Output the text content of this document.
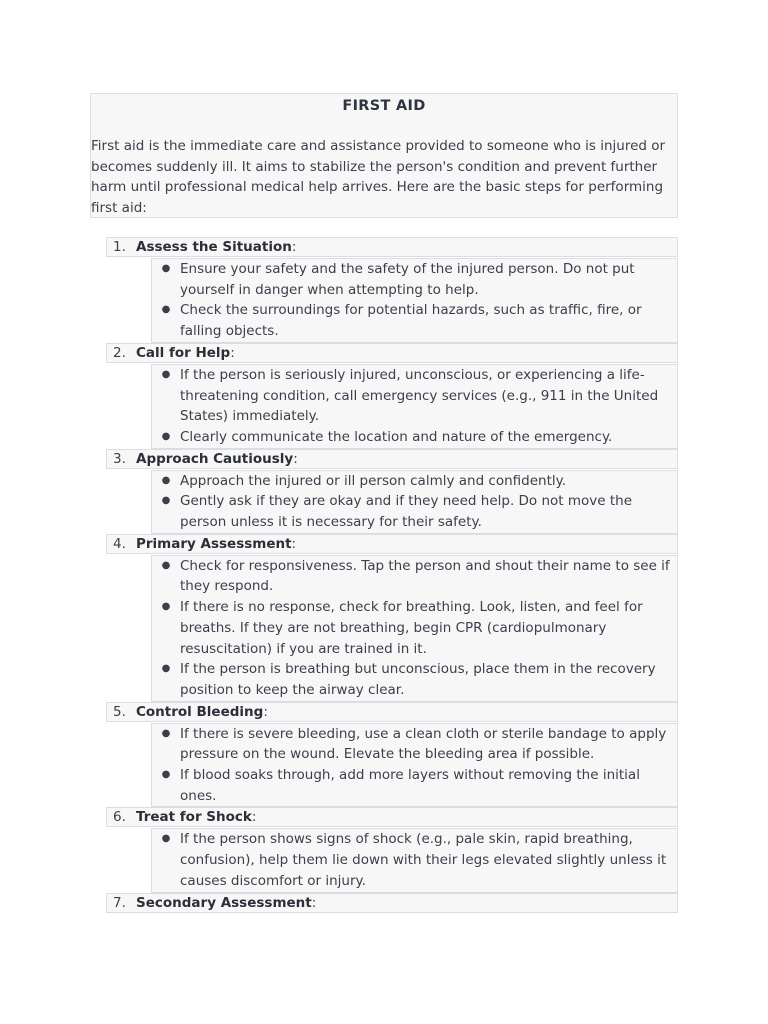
FIRST AID

First aid is the immediate care and assistance provided to someone who is injured or becomes suddenly ill. It aims to stabilize the person's condition and prevent further harm until professional medical help arrives. Here are the basic steps for performing first aid:

1. Assess the Situation :
● Ensure your safety and the safety of the injured person. Do not put yourself in danger when attempting to help.
● Check the surroundings for potential hazards, such as traffic, fire, or falling objects.
2. Call for Help :
● If the person is seriously injured, unconscious, or experiencing a life-threatening condition, call emergency services (e.g., 911 in the United States) immediately.
● Clearly communicate the location and nature of the emergency.
3. Approach Cautiously :
● Approach the injured or ill person calmly and confidently.
● Gently ask if they are okay and if they need help. Do not move the person unless it is necessary for their safety.
4. Primary Assessment :
● Check for responsiveness. Tap the person and shout their name to see if they respond.
● If there is no response, check for breathing. Look, listen, and feel for breaths. If they are not breathing, begin CPR (cardiopulmonary resuscitation) if you are trained in it.
● If the person is breathing but unconscious, place them in the recovery position to keep the airway clear.
5. Control Bleeding :
● If there is severe bleeding, use a clean cloth or sterile bandage to apply pressure on the wound. Elevate the bleeding area if possible.
● If blood soaks through, add more layers without removing the initial ones.
6. Treat for Shock :
● If the person shows signs of shock (e.g., pale skin, rapid breathing, confusion), help them lie down with their legs elevated slightly unless it causes discomfort or injury.
7. Secondary Assessment :
